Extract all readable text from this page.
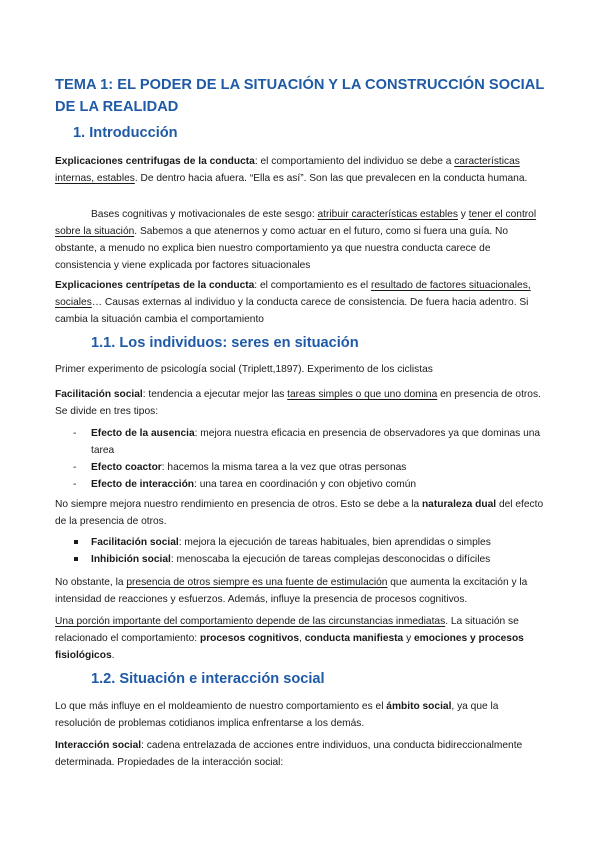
TEMA 1: EL PODER DE LA SITUACIÓN Y LA CONSTRUCCIÓN SOCIAL DE LA REALIDAD
1. Introducción

Explicaciones centrifugas de la conducta: el comportamiento del individuo se debe a características internas, estables. De dentro hacia afuera. “Ella es así”. Son las que prevalecen en la conducta humana.

Bases cognitivas y motivacionales de este sesgo: atribuir características estables y tener el control sobre la situación. Sabemos a que atenernos y como actuar en el futuro, como si fuera una guía. No obstante, a menudo no explica bien nuestro comportamiento ya que nuestra conducta carece de consistencia y viene explicada por factores situacionales

Explicaciones centrípetas de la conducta: el comportamiento es el resultado de factores situacionales, sociales… Causas externas al individuo y la conducta carece de consistencia. De fuera hacia adentro. Si cambia la situación cambia el comportamiento

1.1. Los individuos: seres en situación

Primer experimento de psicología social (Triplett,1897). Experimento de los ciclistas

Facilitación social: tendencia a ejecutar mejor las tareas simples o que uno domina en presencia de otros. Se divide en tres tipos:

- Efecto de la ausencia: mejora nuestra eficacia en presencia de observadores ya que dominas una tarea
- Efecto coactor: hacemos la misma tarea a la vez que otras personas
- Efecto de interacción: una tarea en coordinación y con objetivo común

No siempre mejora nuestro rendimiento en presencia de otros. Esto se debe a la naturaleza dual del efecto de la presencia de otros.

Facilitación social: mejora la ejecución de tareas habituales, bien aprendidas o simples
Inhibición social: menoscaba la ejecución de tareas complejas desconocidas o difíciles

No obstante, la presencia de otros siempre es una fuente de estimulación que aumenta la excitación y la intensidad de reacciones y esfuerzos. Además, influye la presencia de procesos cognitivos.

Una porción importante del comportamiento depende de las circunstancias inmediatas. La situación se relacionado el comportamiento: procesos cognitivos, conducta manifiesta y emociones y procesos fisiológicos.

1.2. Situación e interacción social

Lo que más influye en el moldeamiento de nuestro comportamiento es el ámbito social, ya que la resolución de problemas cotidianos implica enfrentarse a los demás.

Interacción social: cadena entrelazada de acciones entre individuos, una conducta bidireccionalmente determinada. Propiedades de la interacción social:
